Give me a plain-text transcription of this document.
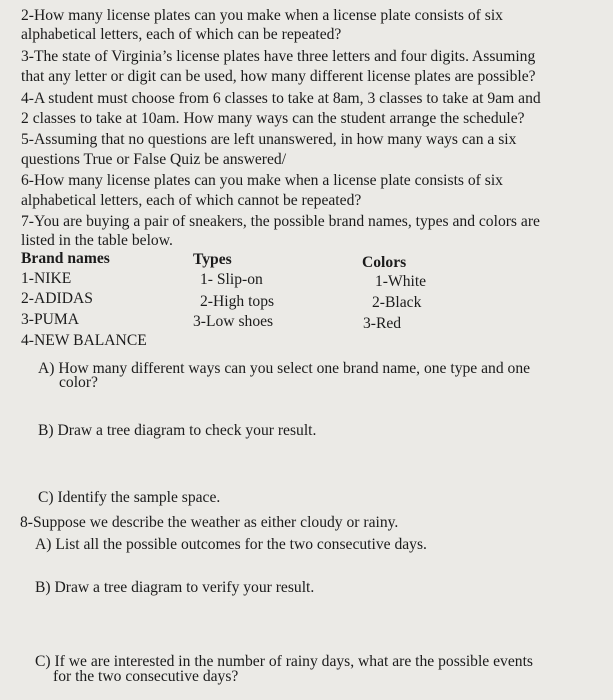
2-How many license plates can you make when a license plate consists of six
alphabetical letters, each of which can be repeated?
3-The state of Virginia’s license plates have three letters and four digits. Assuming
that any letter or digit can be used, how many different license plates are possible?
4-A student must choose from 6 classes to take at 8am, 3 classes to take at 9am and
2 classes to take at 10am. How many ways can the student arrange the schedule?
5-Assuming that no questions are left unanswered, in how many ways can a six
questions True or False Quiz be answered/
6-How many license plates can you make when a license plate consists of six
alphabetical letters, each of which cannot be repeated?
7-You are buying a pair of sneakers, the possible brand names, types and colors are
listed in the table below.
Brand names	Types	Colors
1-NIKE
2-ADIDAS
3-PUMA
4-NEW BALANCE
1- Slip-on
2-High tops
3-Low shoes
1-White
2-Black
3-Red
A) How many different ways can you select one brand name, one type and one
color?
B) Draw a tree diagram to check your result.
C) Identify the sample space.
8-Suppose we describe the weather as either cloudy or rainy.
A) List all the possible outcomes for the two consecutive days.
B) Draw a tree diagram to verify your result.
C) If we are interested in the number of rainy days, what are the possible events
for the two consecutive days?
